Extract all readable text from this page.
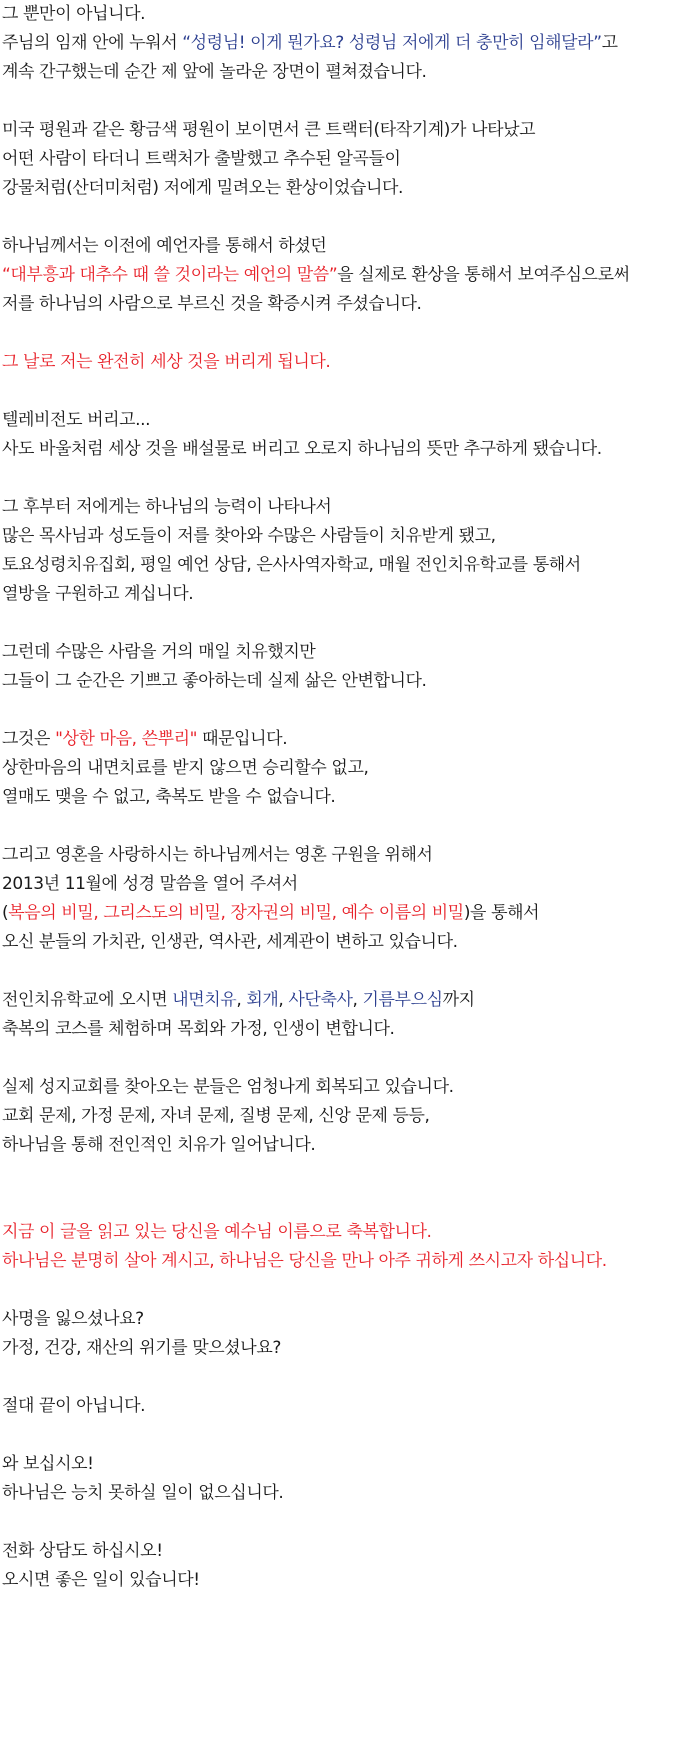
그 뿐만이 아닙니다.
주님의 임재 안에 누워서 “성령님! 이게 뭔가요? 성령님 저에게 더 충만히 임해달라”고
계속 간구했는데 순간 제 앞에 놀라운 장면이 펼쳐졌습니다.
미국 평원과 같은 황금색 평원이 보이면서 큰 트랙터(타작기계)가 나타났고
어떤 사람이 타더니 트랙처가 출발했고 추수된 알곡들이
강물처럼(산더미처럼) 저에게 밀려오는 환상이었습니다.
하나님께서는 이전에 예언자를 통해서 하셨던
“대부흥과 대추수 때 쓸 것이라는 예언의 말씀”을 실제로 환상을 통해서 보여주심으로써
저를 하나님의 사람으로 부르신 것을 확증시켜 주셨습니다.
그 날로 저는 완전히 세상 것을 버리게 됩니다.
텔레비전도 버리고...
사도 바울처럼 세상 것을 배설물로 버리고 오로지 하나님의 뜻만 추구하게 됐습니다.
그 후부터 저에게는 하나님의 능력이 나타나서
많은 목사님과 성도들이 저를 찾아와 수많은 사람들이 치유받게 됐고,
토요성령치유집회, 평일 예언 상담, 은사사역자학교, 매월 전인치유학교를 통해서
열방을 구원하고 계십니다.
그런데 수많은 사람을 거의 매일 치유했지만
그들이 그 순간은 기쁘고 좋아하는데 실제 삶은 안변합니다.
그것은 "상한 마음, 쓴뿌리" 때문입니다.
상한마음의 내면치료를 받지 않으면 승리할수 없고,
열매도 맺을 수 없고, 축복도 받을 수 없습니다.
그리고 영혼을 사랑하시는 하나님께서는 영혼 구원을 위해서
2013년 11월에 성경 말씀을 열어 주셔서
(복음의 비밀, 그리스도의 비밀, 장자권의 비밀, 예수 이름의 비밀)을 통해서
오신 분들의 가치관, 인생관, 역사관, 세계관이 변하고 있습니다.
전인치유학교에 오시면 내면치유, 회개, 사단축사, 기름부으심까지
축복의 코스를 체험하며 목회와 가정, 인생이 변합니다.
실제 성지교회를 찾아오는 분들은 엄청나게 회복되고 있습니다.
교회 문제, 가정 문제, 자녀 문제, 질병 문제, 신앙 문제 등등,
하나님을 통해 전인적인 치유가 일어납니다.
지금 이 글을 읽고 있는 당신을 예수님 이름으로 축복합니다.
하나님은 분명히 살아 계시고, 하나님은 당신을 만나 아주 귀하게 쓰시고자 하십니다.
사명을 잃으셨나요?
가정, 건강, 재산의 위기를 맞으셨나요?
절대 끝이 아닙니다.
와 보십시오!
하나님은 능치 못하실 일이 없으십니다.
전화 상담도 하십시오!
오시면 좋은 일이 있습니다!
